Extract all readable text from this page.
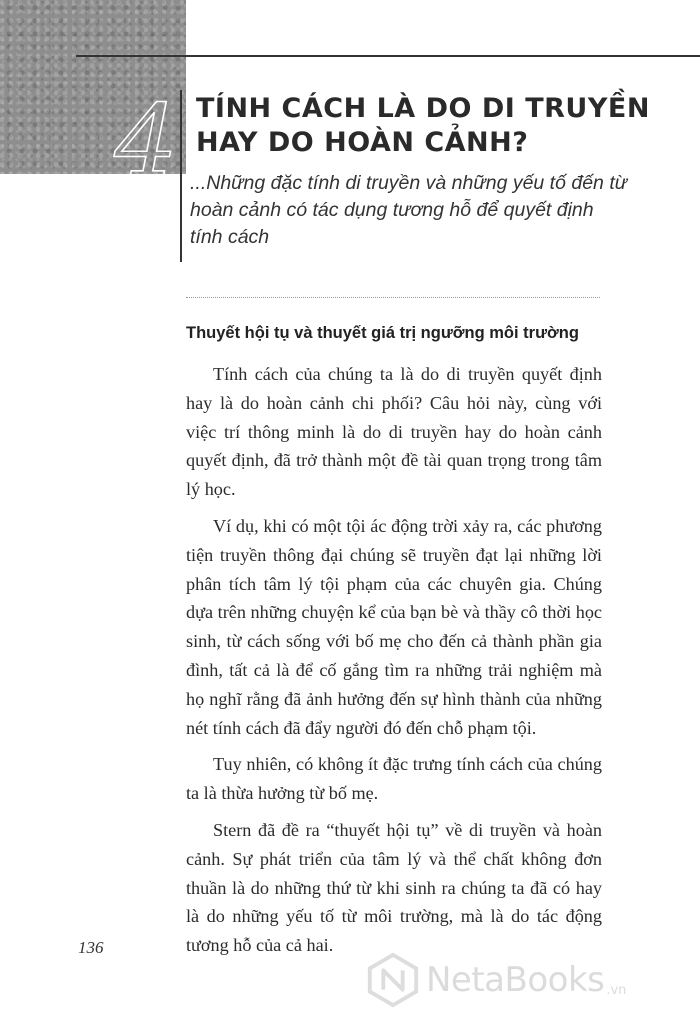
4 TÍNH CÁCH LÀ DO DI TRUYỀN HAY DO HOÀN CẢNH?

...Những đặc tính di truyền và những yếu tố đến từ hoàn cảnh có tác dụng tương hỗ để quyết định tính cách

Thuyết hội tụ và thuyết giá trị ngưỡng môi trường

Tính cách của chúng ta là do di truyền quyết định hay là do hoàn cảnh chi phối? Câu hỏi này, cùng với việc trí thông minh là do di truyền hay do hoàn cảnh quyết định, đã trở thành một đề tài quan trọng trong tâm lý học.

Ví dụ, khi có một tội ác động trời xảy ra, các phương tiện truyền thông đại chúng sẽ truyền đạt lại những lời phân tích tâm lý tội phạm của các chuyên gia. Chúng dựa trên những chuyện kể của bạn bè và thầy cô thời học sinh, từ cách sống với bố mẹ cho đến cả thành phần gia đình, tất cả là để cố gắng tìm ra những trải nghiệm mà họ nghĩ rằng đã ảnh hưởng đến sự hình thành của những nét tính cách đã đẩy người đó đến chỗ phạm tội.

Tuy nhiên, có không ít đặc trưng tính cách của chúng ta là thừa hưởng từ bố mẹ.

Stern đã đề ra “thuyết hội tụ” về di truyền và hoàn cảnh. Sự phát triển của tâm lý và thể chất không đơn thuần là do những thứ từ khi sinh ra chúng ta đã có hay là do những yếu tố từ môi trường, mà là do tác động tương hỗ của cả hai.

136

NetaBooks .vn
